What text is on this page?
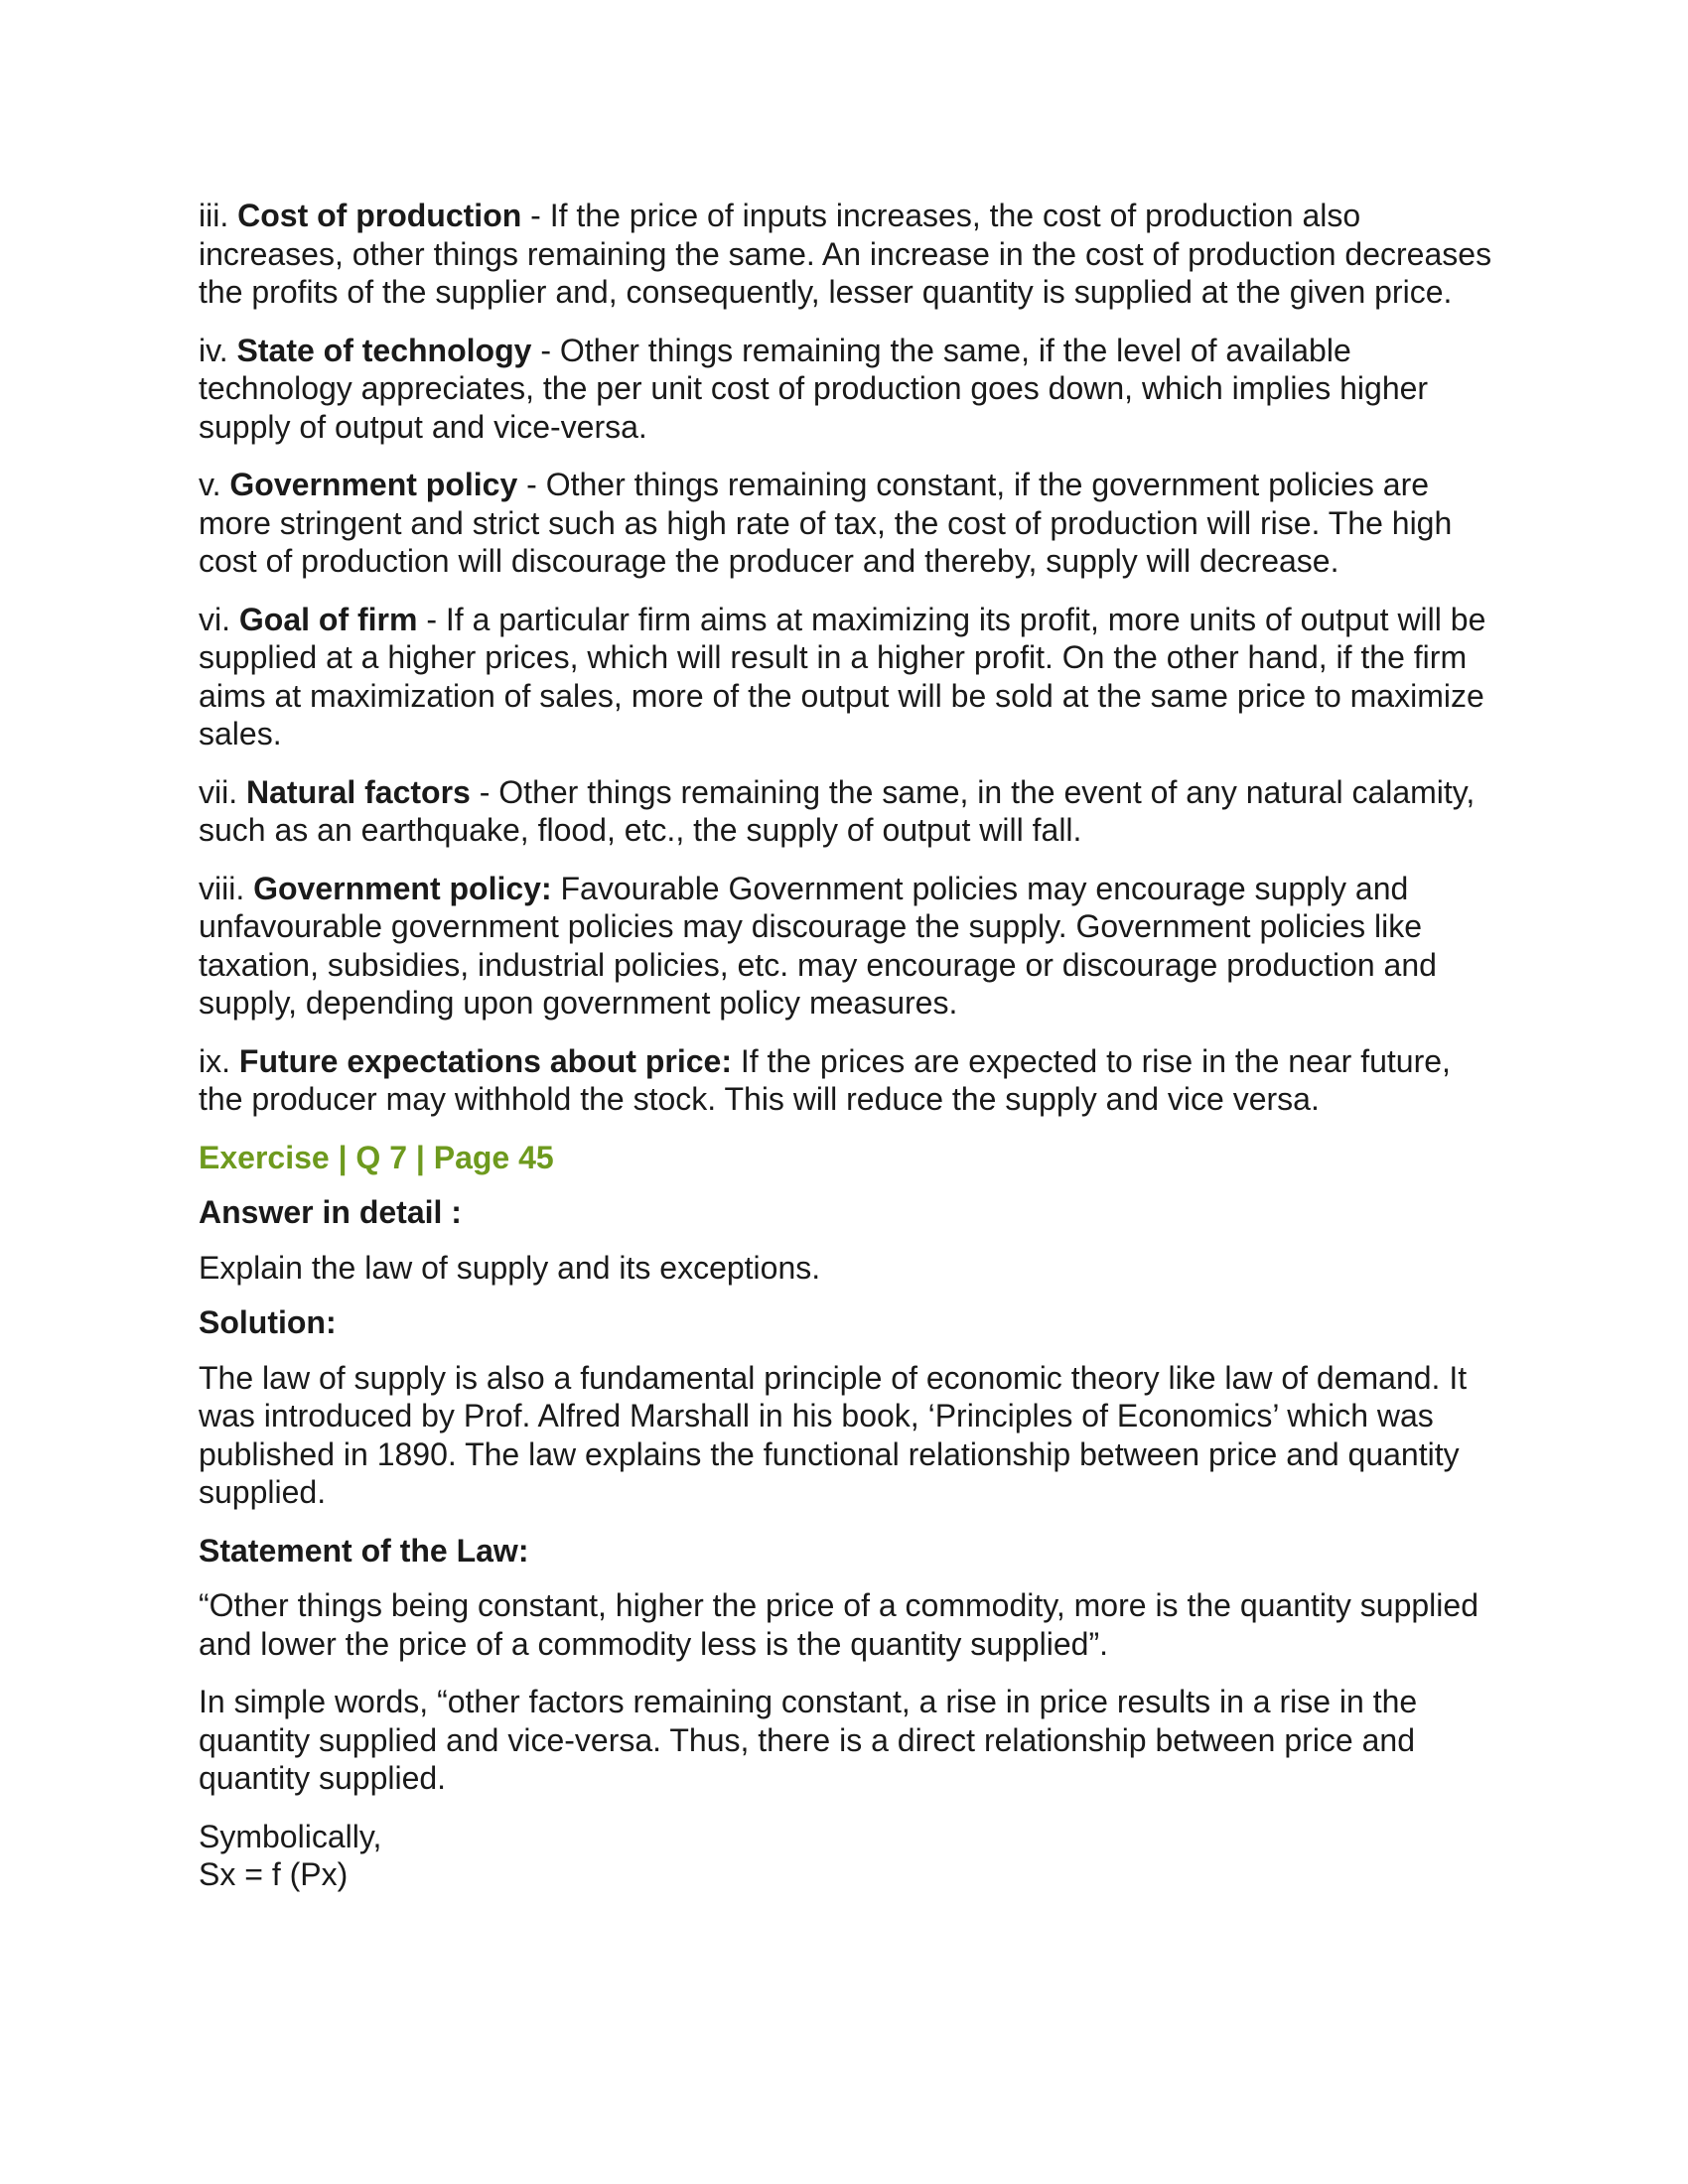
iii. Cost of production - If the price of inputs increases, the cost of production also increases, other things remaining the same. An increase in the cost of production decreases the profits of the supplier and, consequently, lesser quantity is supplied at the given price.

iv. State of technology - Other things remaining the same, if the level of available technology appreciates, the per unit cost of production goes down, which implies higher supply of output and vice-versa.

v. Government policy - Other things remaining constant, if the government policies are more stringent and strict such as high rate of tax, the cost of production will rise. The high cost of production will discourage the producer and thereby, supply will decrease.

vi. Goal of firm - If a particular firm aims at maximizing its profit, more units of output will be supplied at a higher prices, which will result in a higher profit. On the other hand, if the firm aims at maximization of sales, more of the output will be sold at the same price to maximize sales.

vii. Natural factors - Other things remaining the same, in the event of any natural calamity, such as an earthquake, flood, etc., the supply of output will fall.

viii. Government policy: Favourable Government policies may encourage supply and unfavourable government policies may discourage the supply. Government policies like taxation, subsidies, industrial policies, etc. may encourage or discourage production and supply, depending upon government policy measures.

ix. Future expectations about price: If the prices are expected to rise in the near future, the producer may withhold the stock. This will reduce the supply and vice versa.

Exercise | Q 7 | Page 45
Answer in detail :
Explain the law of supply and its exceptions.
Solution:

The law of supply is also a fundamental principle of economic theory like law of demand. It was introduced by Prof. Alfred Marshall in his book, ‘Principles of Economics’ which was published in 1890. The law explains the functional relationship between price and quantity supplied.

Statement of the Law:

“Other things being constant, higher the price of a commodity, more is the quantity supplied and lower the price of a commodity less is the quantity supplied”.

In simple words, “other factors remaining constant, a rise in price results in a rise in the quantity supplied and vice-versa. Thus, there is a direct relationship between price and quantity supplied.

Symbolically,
Sx = f (Px)
